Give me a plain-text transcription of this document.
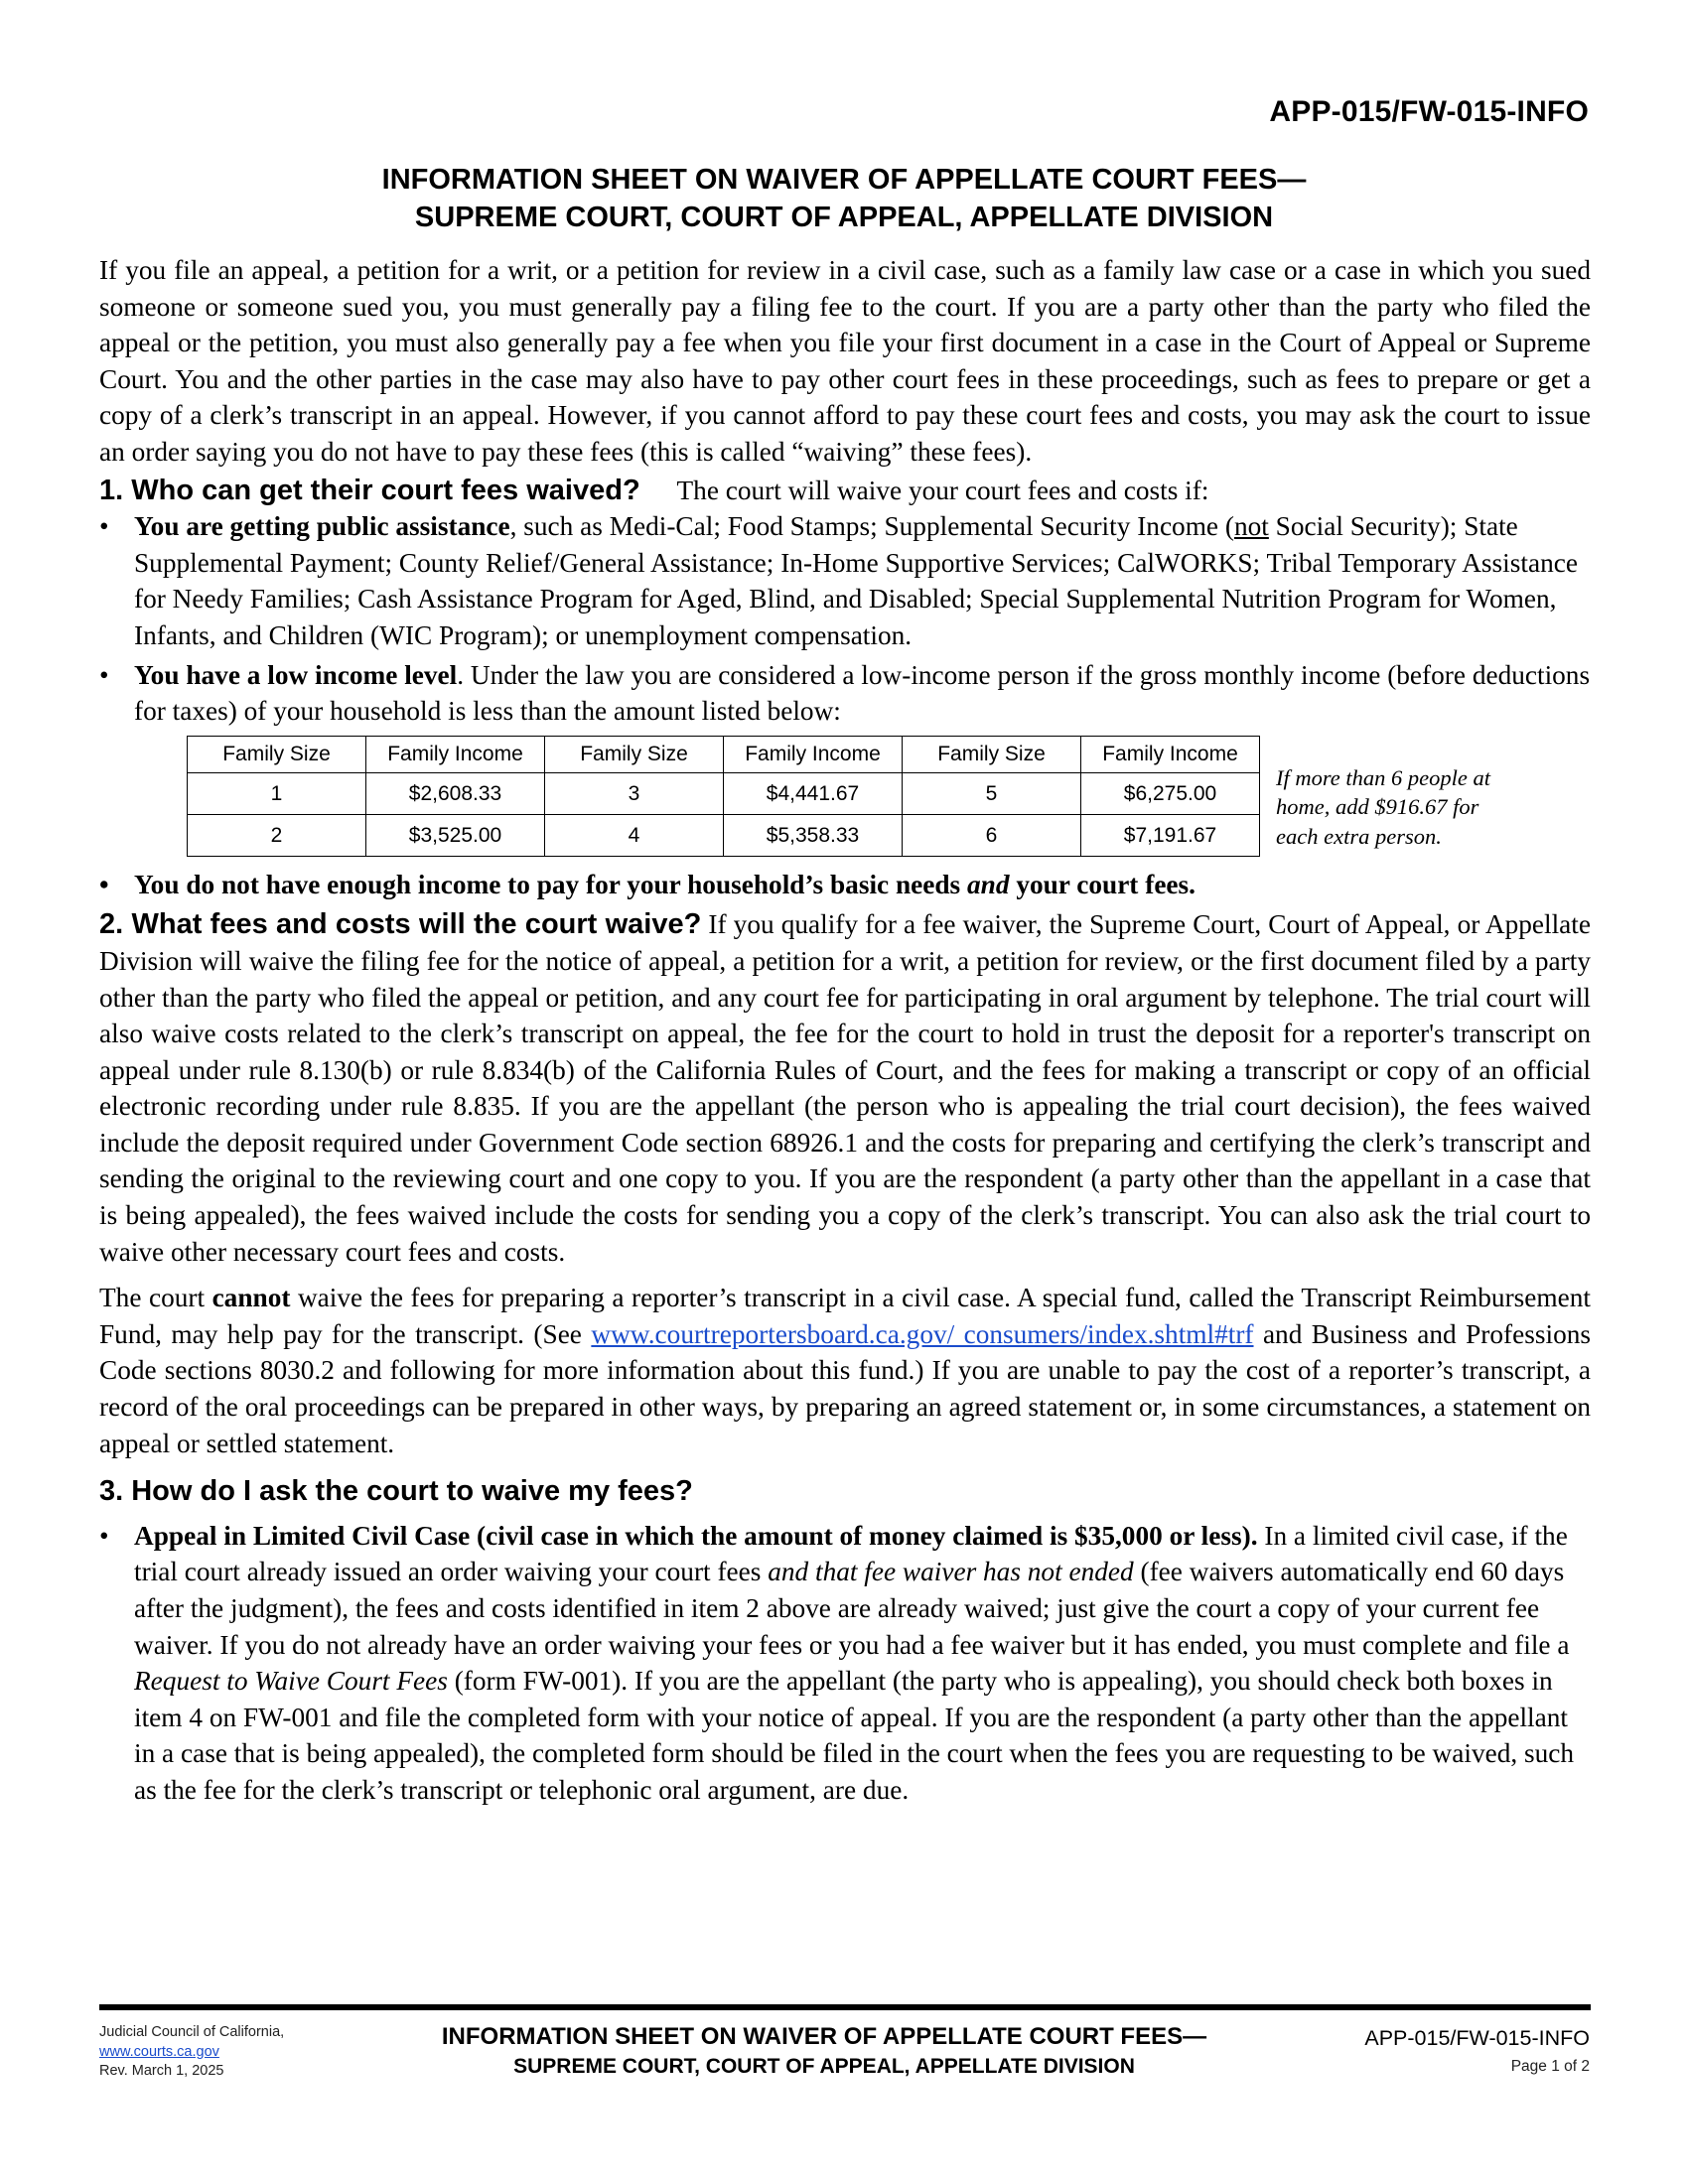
APP-015/FW-015-INFO
INFORMATION SHEET ON WAIVER OF APPELLATE COURT FEES—
SUPREME COURT, COURT OF APPEAL, APPELLATE DIVISION

If you file an appeal, a petition for a writ, or a petition for review in a civil case, such as a family law case or a case in which you sued someone or someone sued you, you must generally pay a filing fee to the court. If you are a party other than the party who filed the appeal or the petition, you must also generally pay a fee when you file your first document in a case in the Court of Appeal or Supreme Court. You and the other parties in the case may also have to pay other court fees in these proceedings, such as fees to prepare or get a copy of a clerk’s transcript in an appeal. However, if you cannot afford to pay these court fees and costs, you may ask the court to issue an order saying you do not have to pay these fees (this is called “waiving” these fees).

1. Who can get their court fees waived? The court will waive your court fees and costs if:
• You are getting public assistance, such as Medi-Cal; Food Stamps; Supplemental Security Income (not Social Security); State Supplemental Payment; County Relief/General Assistance; In-Home Supportive Services; CalWORKS; Tribal Temporary Assistance for Needy Families; Cash Assistance Program for Aged, Blind, and Disabled; Special Supplemental Nutrition Program for Women, Infants, and Children (WIC Program); or unemployment compensation.
• You have a low income level. Under the law you are considered a low-income person if the gross monthly income (before deductions for taxes) of your household is less than the amount listed below:
Family Size	Family Income	Family Size	Family Income	Family Size	Family Income
1	$2,608.33	3	$4,441.67	5	$6,275.00
2	$3,525.00	4	$5,358.33	6	$7,191.67
If more than 6 people at home, add $916.67 for each extra person.
• You do not have enough income to pay for your household’s basic needs and your court fees.

2. What fees and costs will the court waive? If you qualify for a fee waiver, the Supreme Court, Court of Appeal, or Appellate Division will waive the filing fee for the notice of appeal, a petition for a writ, a petition for review, or the first document filed by a party other than the party who filed the appeal or petition, and any court fee for participating in oral argument by telephone. The trial court will also waive costs related to the clerk’s transcript on appeal, the fee for the court to hold in trust the deposit for a reporter's transcript on appeal under rule 8.130(b) or rule 8.834(b) of the California Rules of Court, and the fees for making a transcript or copy of an official electronic recording under rule 8.835. If you are the appellant (the person who is appealing the trial court decision), the fees waived include the deposit required under Government Code section 68926.1 and the costs for preparing and certifying the clerk’s transcript and sending the original to the reviewing court and one copy to you. If you are the respondent (a party other than the appellant in a case that is being appealed), the fees waived include the costs for sending you a copy of the clerk’s transcript. You can also ask the trial court to waive other necessary court fees and costs.

The court cannot waive the fees for preparing a reporter’s transcript in a civil case. A special fund, called the Transcript Reimbursement Fund, may help pay for the transcript. (See www.courtreportersboard.ca.gov/ consumers/index.shtml#trf and Business and Professions Code sections 8030.2 and following for more information about this fund.) If you are unable to pay the cost of a reporter’s transcript, a record of the oral proceedings can be prepared in other ways, by preparing an agreed statement or, in some circumstances, a statement on appeal or settled statement.

3. How do I ask the court to waive my fees?
• Appeal in Limited Civil Case (civil case in which the amount of money claimed is $35,000 or less). In a limited civil case, if the trial court already issued an order waiving your court fees and that fee waiver has not ended (fee waivers automatically end 60 days after the judgment), the fees and costs identified in item 2 above are already waived; just give the court a copy of your current fee waiver. If you do not already have an order waiving your fees or you had a fee waiver but it has ended, you must complete and file a Request to Waive Court Fees (form FW-001). If you are the appellant (the party who is appealing), you should check both boxes in item 4 on FW-001 and file the completed form with your notice of appeal. If you are the respondent (a party other than the appellant in a case that is being appealed), the completed form should be filed in the court when the fees you are requesting to be waived, such as the fee for the clerk’s transcript or telephonic oral argument, are due.
Judicial Council of California,
www.courts.ca.gov
Rev. March 1, 2025
INFORMATION SHEET ON WAIVER OF APPELLATE COURT FEES—
SUPREME COURT, COURT OF APPEAL, APPELLATE DIVISION
APP-015/FW-015-INFO
Page 1 of 2
